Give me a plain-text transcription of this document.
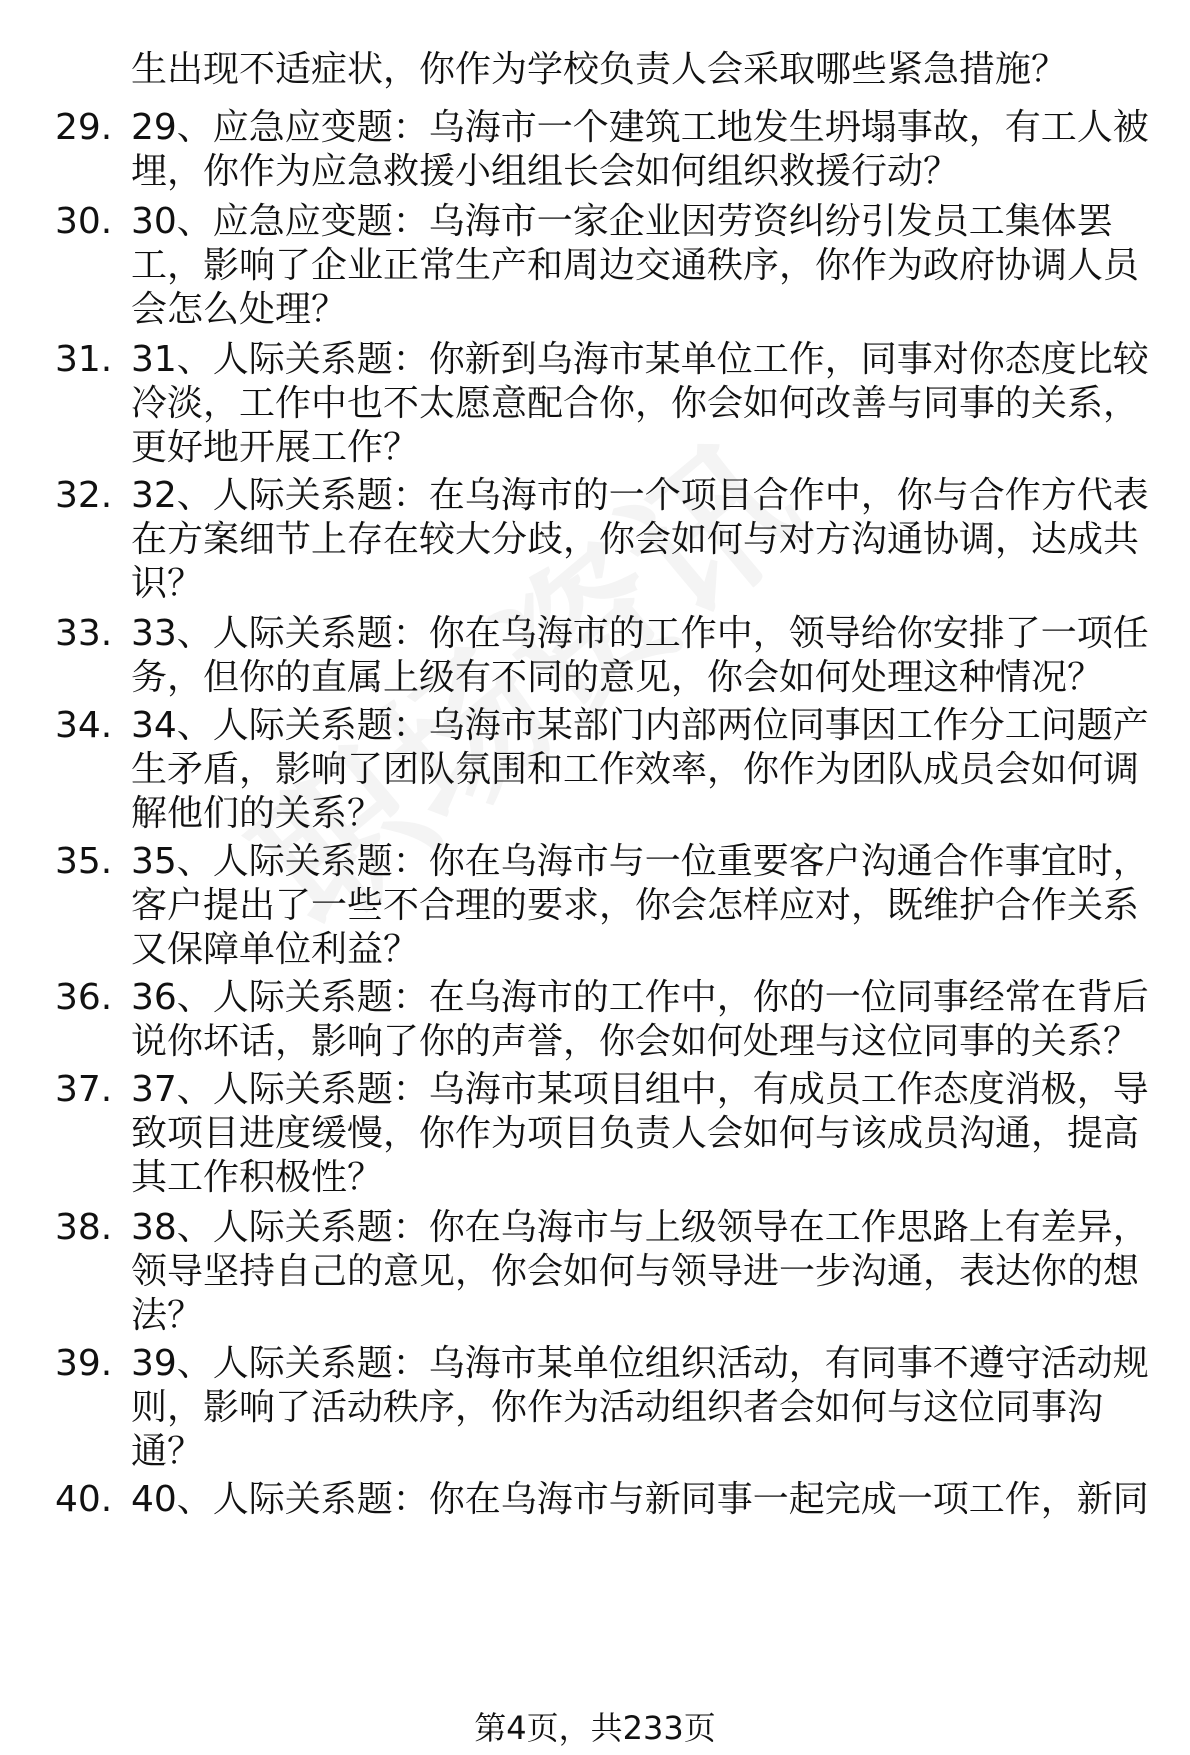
生出现不适症状，你作为学校负责人会采取哪些紧急措施？
29. 29、应急应变题：乌海市一个建筑工地发生坍塌事故，有工人被埋，你作为应急救援小组组长会如何组织救援行动？
30. 30、应急应变题：乌海市一家企业因劳资纠纷引发员工集体罢工，影响了企业正常生产和周边交通秩序，你作为政府协调人员会怎么处理？
31. 31、人际关系题：你新到乌海市某单位工作，同事对你态度比较冷淡，工作中也不太愿意配合你，你会如何改善与同事的关系，更好地开展工作？
32. 32、人际关系题：在乌海市的一个项目合作中，你与合作方代表在方案细节上存在较大分歧，你会如何与对方沟通协调，达成共识？
33. 33、人际关系题：你在乌海市的工作中，领导给你安排了一项任务，但你的直属上级有不同的意见，你会如何处理这种情况？
34. 34、人际关系题：乌海市某部门内部两位同事因工作分工问题产生矛盾，影响了团队氛围和工作效率，你作为团队成员会如何调解他们的关系？
35. 35、人际关系题：你在乌海市与一位重要客户沟通合作事宜时，客户提出了一些不合理的要求，你会怎样应对，既维护合作关系又保障单位利益？
36. 36、人际关系题：在乌海市的工作中，你的一位同事经常在背后说你坏话，影响了你的声誉，你会如何处理与这位同事的关系？
37. 37、人际关系题：乌海市某项目组中，有成员工作态度消极，导致项目进度缓慢，你作为项目负责人会如何与该成员沟通，提高其工作积极性？
38. 38、人际关系题：你在乌海市与上级领导在工作思路上有差异，领导坚持自己的意见，你会如何与领导进一步沟通，表达你的想法？
39. 39、人际关系题：乌海市某单位组织活动，有同事不遵守活动规则，影响了活动秩序，你作为活动组织者会如何与这位同事沟通？
40. 40、人际关系题：你在乌海市与新同事一起完成一项工作，新同
第4页，共233页
